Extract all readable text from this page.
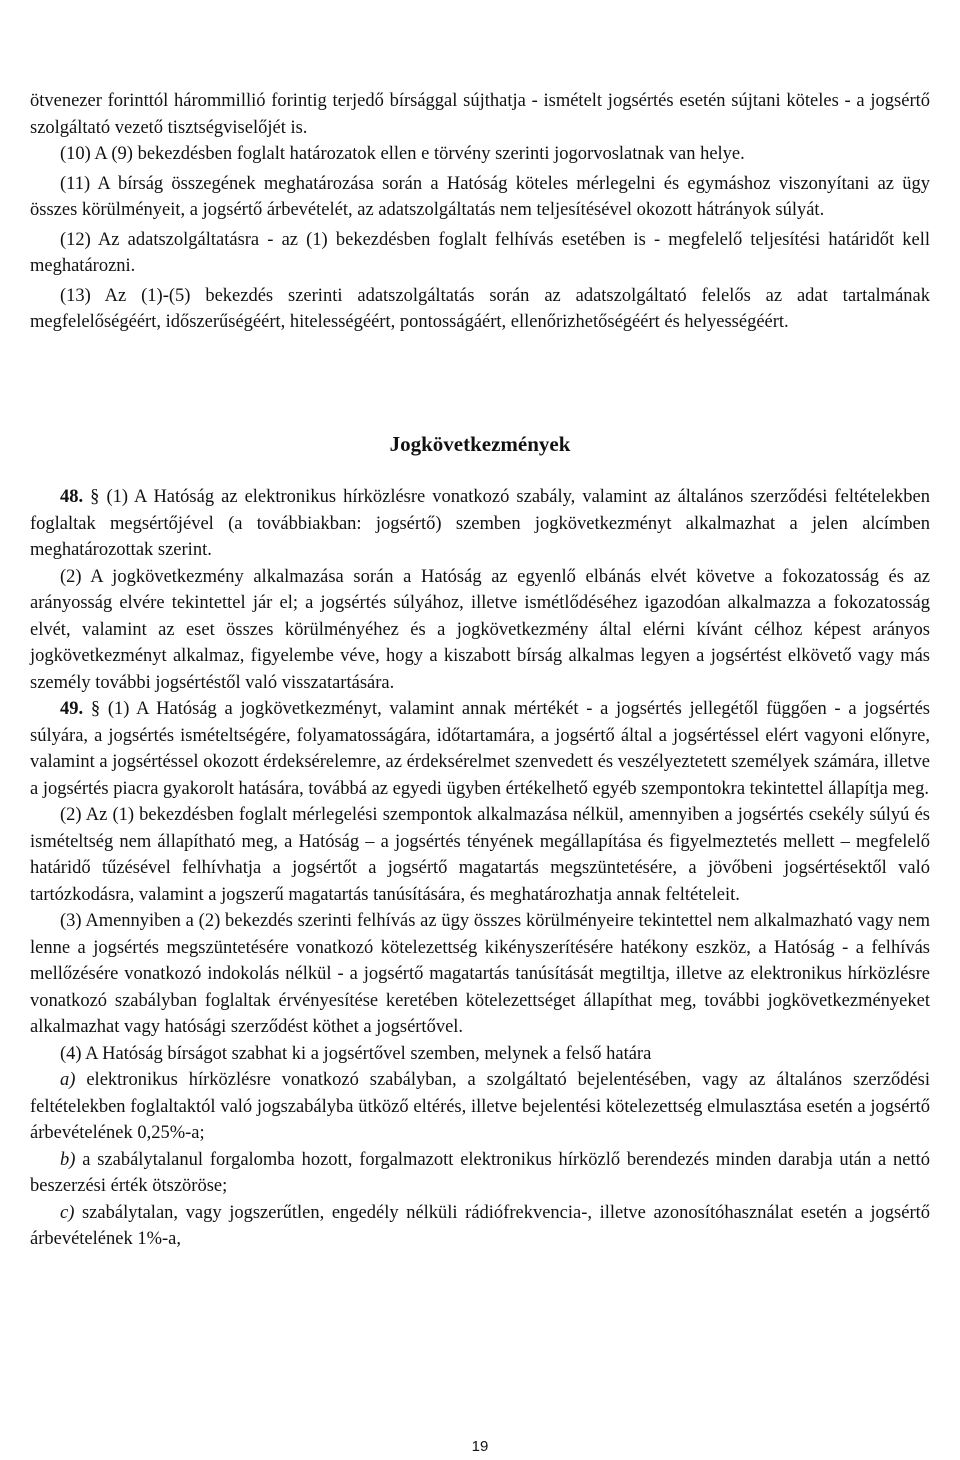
ötvenezer forinttól hárommillió forintig terjedő bírsággal sújthatja - ismételt jogsértés esetén sújtani köteles - a jogsértő szolgáltató vezető tisztségviselőjét is.

(10) A (9) bekezdésben foglalt határozatok ellen e törvény szerinti jogorvoslatnak van helye.

(11) A bírság összegének meghatározása során a Hatóság köteles mérlegelni és egymáshoz viszonyítani az ügy összes körülményeit, a jogsértő árbevételét, az adatszolgáltatás nem teljesítésével okozott hátrányok súlyát.

(12) Az adatszolgáltatásra - az (1) bekezdésben foglalt felhívás esetében is - megfelelő teljesítési határidőt kell meghatározni.

(13) Az (1)-(5) bekezdés szerinti adatszolgáltatás során az adatszolgáltató felelős az adat tartalmának megfelelőségéért, időszerűségéért, hitelességéért, pontosságáért, ellenőrizhetőségéért és helyességéért.

Jogkövetkezmények

48. § (1) A Hatóság az elektronikus hírközlésre vonatkozó szabály, valamint az általános szerződési feltételekben foglaltak megsértőjével (a továbbiakban: jogsértő) szemben jogkövetkezményt alkalmazhat a jelen alcímben meghatározottak szerint.

(2) A jogkövetkezmény alkalmazása során a Hatóság az egyenlő elbánás elvét követve a fokozatosság és az arányosság elvére tekintettel jár el; a jogsértés súlyához, illetve ismétlődéséhez igazodóan alkalmazza a fokozatosság elvét, valamint az eset összes körülményéhez és a jogkövetkezmény által elérni kívánt célhoz képest arányos jogkövetkezményt alkalmaz, figyelembe véve, hogy a kiszabott bírság alkalmas legyen a jogsértést elkövető vagy más személy további jogsértéstől való visszatartására.

49. § (1) A Hatóság a jogkövetkezményt, valamint annak mértékét - a jogsértés jellegétől függően - a jogsértés súlyára, a jogsértés ismételtségére, folyamatosságára, időtartamára, a jogsértő által a jogsértéssel elért vagyoni előnyre, valamint a jogsértéssel okozott érdeksérelemre, az érdeksérelmet szenvedett és veszélyeztetett személyek számára, illetve a jogsértés piacra gyakorolt hatására, továbbá az egyedi ügyben értékelhető egyéb szempontokra tekintettel állapítja meg.

(2) Az (1) bekezdésben foglalt mérlegelési szempontok alkalmazása nélkül, amennyiben a jogsértés csekély súlyú és ismételtség nem állapítható meg, a Hatóság – a jogsértés tényének megállapítása és figyelmeztetés mellett – megfelelő határidő tűzésével felhívhatja a jogsértőt a jogsértő magatartás megszüntetésére, a jövőbeni jogsértésektől való tartózkodásra, valamint a jogszerű magatartás tanúsítására, és meghatározhatja annak feltételeit.

(3) Amennyiben a (2) bekezdés szerinti felhívás az ügy összes körülményeire tekintettel nem alkalmazható vagy nem lenne a jogsértés megszüntetésére vonatkozó kötelezettség kikényszerítésére hatékony eszköz, a Hatóság - a felhívás mellőzésére vonatkozó indokolás nélkül - a jogsértő magatartás tanúsítását megtiltja, illetve az elektronikus hírközlésre vonatkozó szabályban foglaltak érvényesítése keretében kötelezettséget állapíthat meg, további jogkövetkezményeket alkalmazhat vagy hatósági szerződést köthet a jogsértővel.

(4) A Hatóság bírságot szabhat ki a jogsértővel szemben, melynek a felső határa

a) elektronikus hírközlésre vonatkozó szabályban, a szolgáltató bejelentésében, vagy az általános szerződési feltételekben foglaltaktól való jogszabályba ütköző eltérés, illetve bejelentési kötelezettség elmulasztása esetén a jogsértő árbevételének 0,25%-a;

b) a szabálytalanul forgalomba hozott, forgalmazott elektronikus hírközlő berendezés minden darabja után a nettó beszerzési érték ötszöröse;

c) szabálytalan, vagy jogszerűtlen, engedély nélküli rádiófrekvencia-, illetve azonosítóhasználat esetén a jogsértő árbevételének 1%-a,

19
